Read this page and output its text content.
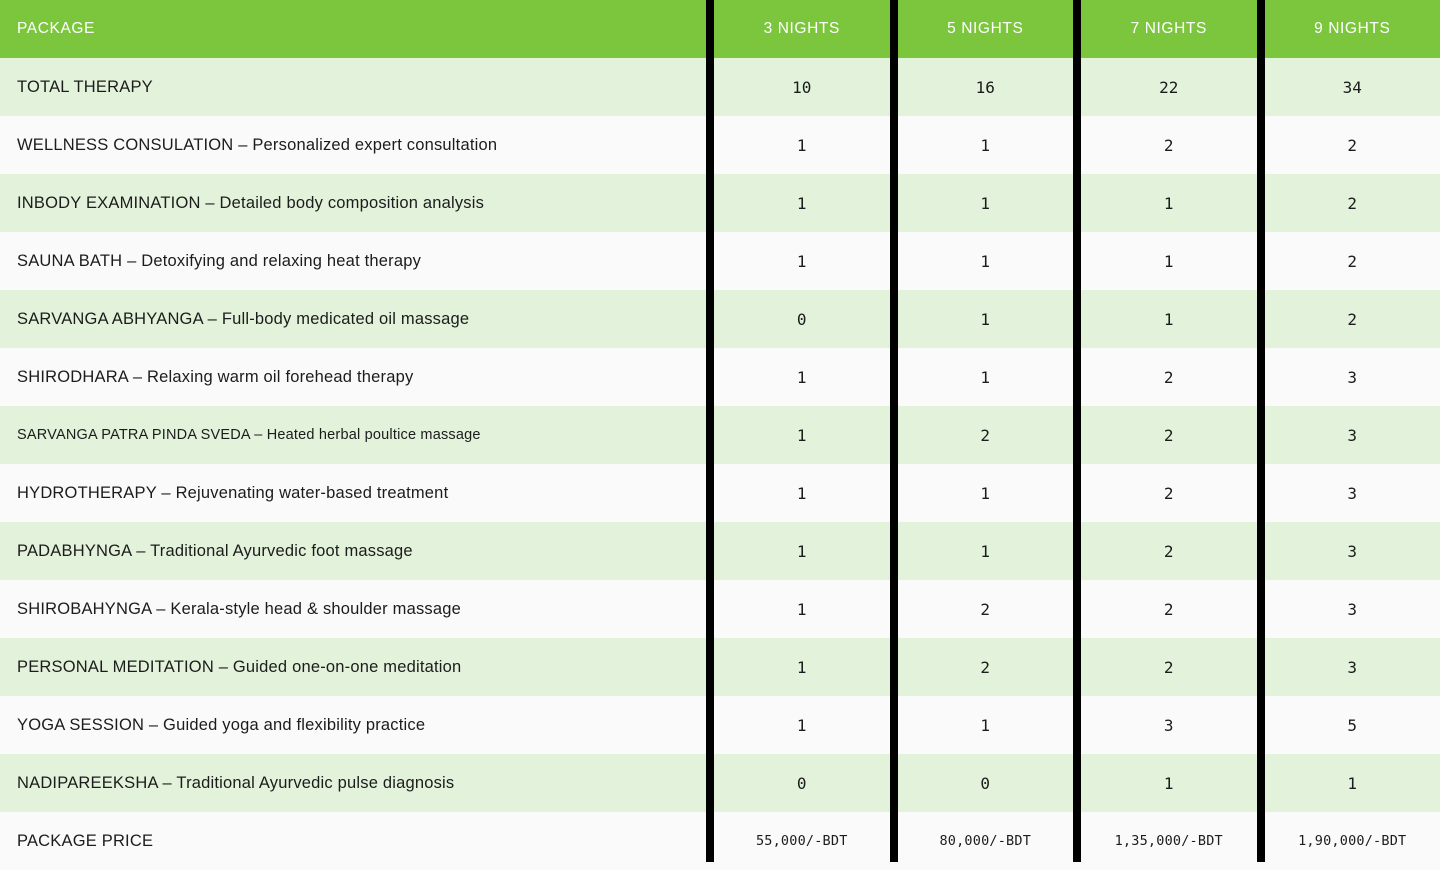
PACKAGE	3 NIGHTS	5 NIGHTS	7 NIGHTS	9 NIGHTS
TOTAL THERAPY	10	16	22	34
WELLNESS CONSULATION – Personalized expert consultation	1	1	2	2
INBODY EXAMINATION – Detailed body composition analysis	1	1	1	2
SAUNA BATH – Detoxifying and relaxing heat therapy	1	1	1	2
SARVANGA ABHYANGA – Full-body medicated oil massage	0	1	1	2
SHIRODHARA – Relaxing warm oil forehead therapy	1	1	2	3
SARVANGA PATRA PINDA SVEDA – Heated herbal poultice massage	1	2	2	3
HYDROTHERAPY – Rejuvenating water-based treatment	1	1	2	3
PADABHYNGA – Traditional Ayurvedic foot massage	1	1	2	3
SHIROBAHYNGA – Kerala-style head & shoulder massage	1	2	2	3
PERSONAL MEDITATION – Guided one-on-one meditation	1	2	2	3
YOGA SESSION – Guided yoga and flexibility practice	1	1	3	5
NADIPAREEKSHA – Traditional Ayurvedic pulse diagnosis	0	0	1	1
PACKAGE PRICE	55,000/-BDT	80,000/-BDT	1,35,000/-BDT	1,90,000/-BDT
